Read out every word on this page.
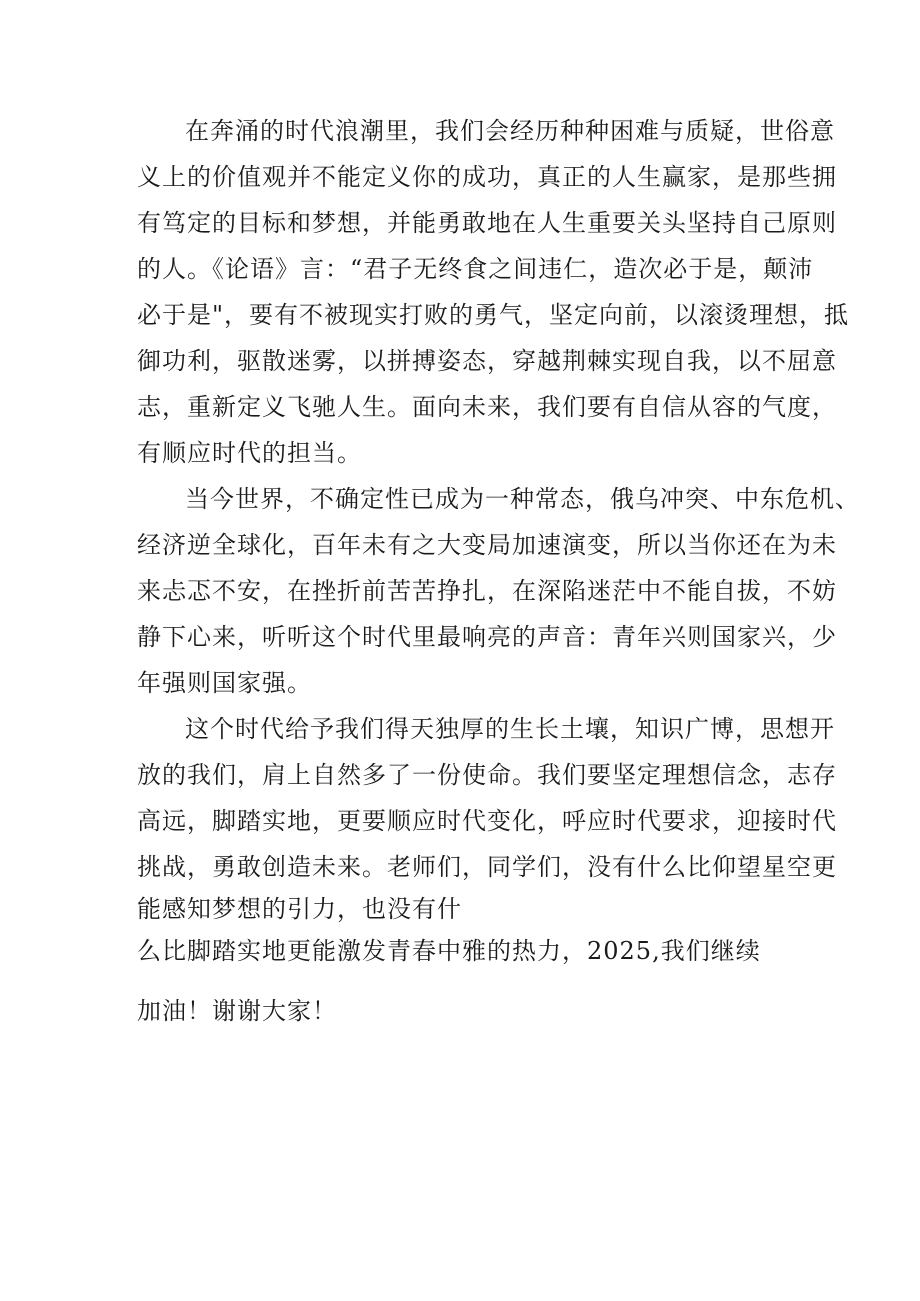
在奔涌的时代浪潮里，我们会经历种种困难与质疑，世俗意
义上的价值观并不能定义你的成功，真正的人生赢家，是那些拥
有笃定的目标和梦想，并能勇敢地在人生重要关头坚持自己原则
的人。《论语》言：“君子无终食之间违仁，造次必于是，颠沛
必于是"，要有不被现实打败的勇气，坚定向前，以滚烫理想，抵
御功利，驱散迷雾，以拼搏姿态，穿越荆棘实现自我，以不屈意
志，重新定义飞驰人生。面向未来，我们要有自信从容的气度，
有顺应时代的担当。
当今世界，不确定性已成为一种常态，俄乌冲突、中东危机、
经济逆全球化，百年未有之大变局加速演变，所以当你还在为未
来忐忑不安，在挫折前苦苦挣扎，在深陷迷茫中不能自拔，不妨
静下心来，听听这个时代里最响亮的声音：青年兴则国家兴，少
年强则国家强。
这个时代给予我们得天独厚的生长土壤，知识广博，思想开
放的我们，肩上自然多了一份使命。我们要坚定理想信念，志存
高远，脚踏实地，更要顺应时代变化，呼应时代要求，迎接时代
挑战，勇敢创造未来。老师们，同学们，没有什么比仰望星空更
能感知梦想的引力，也没有什
么比脚踏实地更能激发青春中雅的热力，2025,我们继续
加油！谢谢大家！
